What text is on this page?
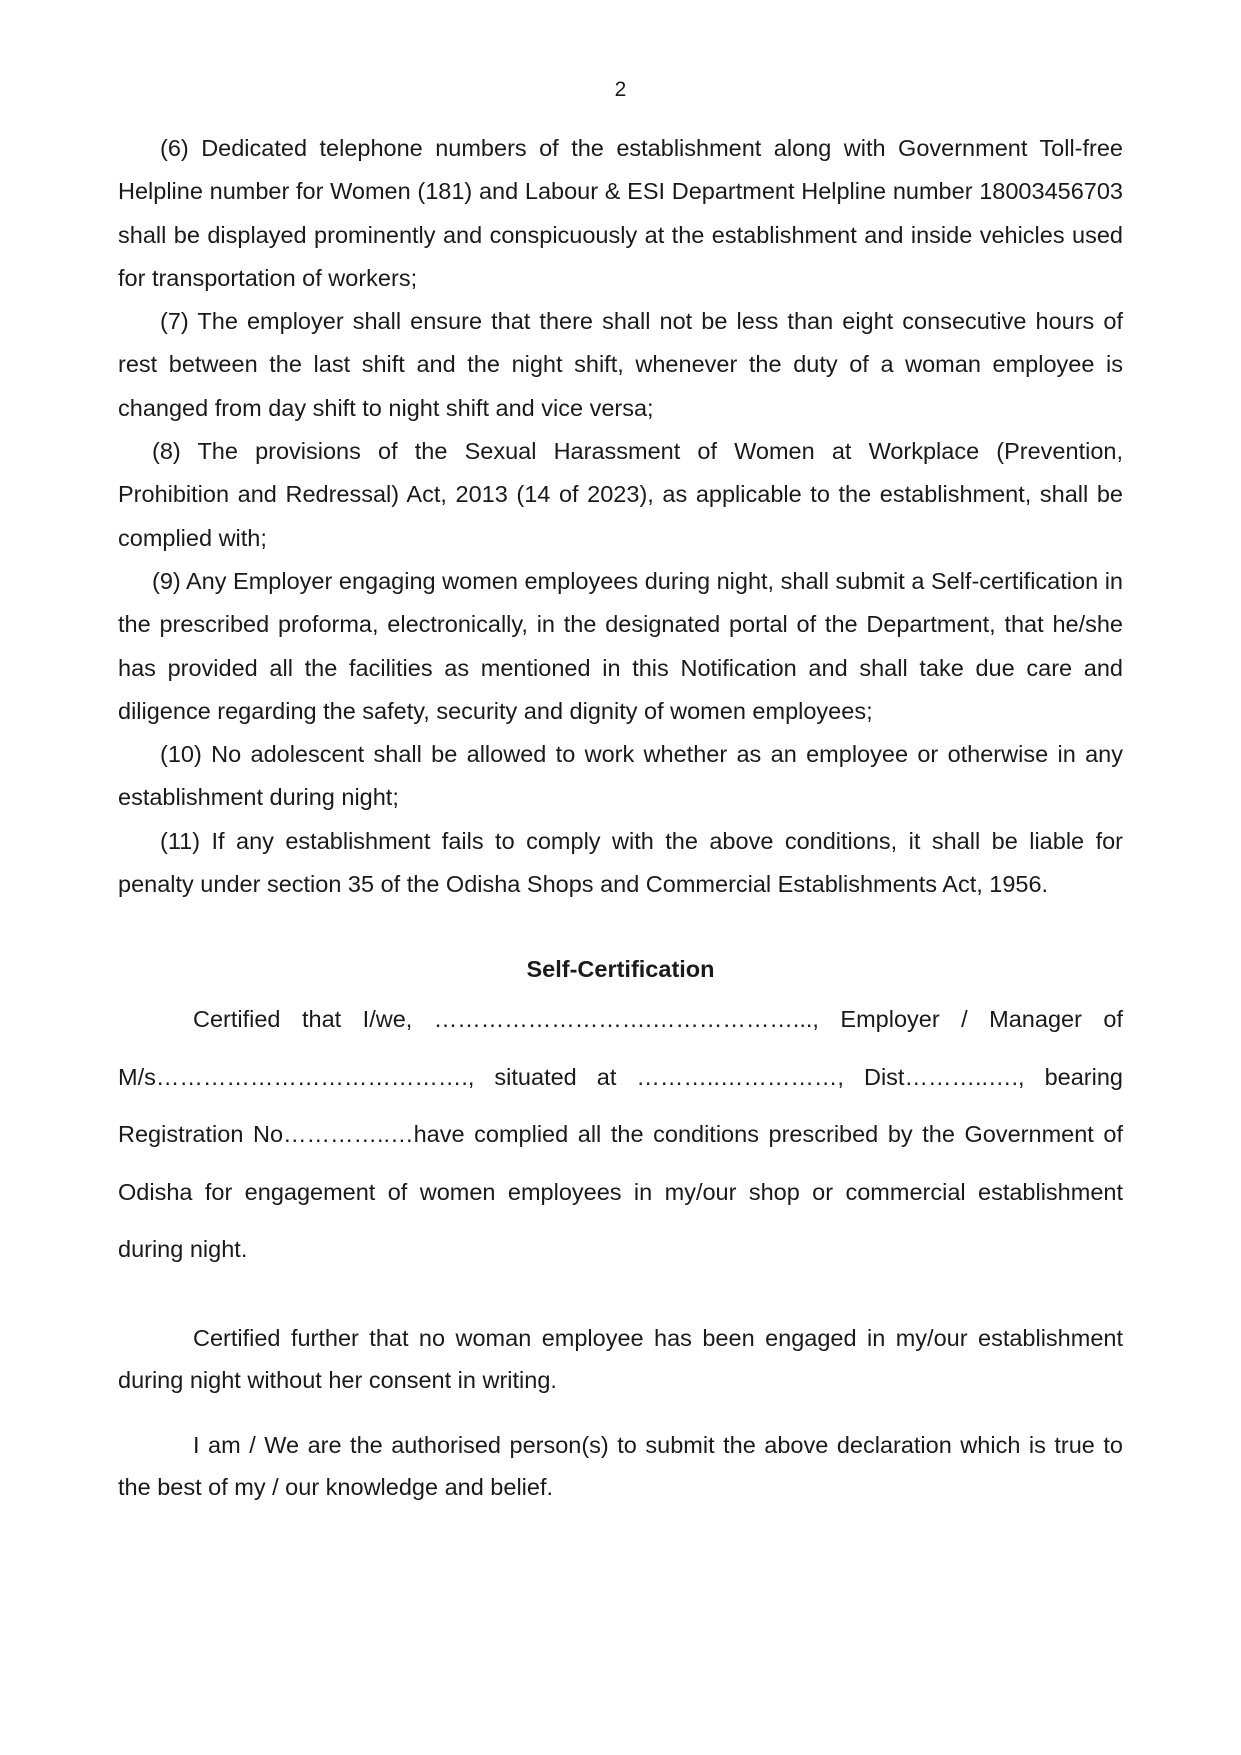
2

(6) Dedicated telephone numbers of the establishment along with Government Toll-free Helpline number for Women (181) and Labour & ESI Department Helpline number 18003456703 shall be displayed prominently and conspicuously at the establishment and inside vehicles used for transportation of workers;

(7) The employer shall ensure that there shall not be less than eight consecutive hours of rest between the last shift and the night shift, whenever the duty of a woman employee is changed from day shift to night shift and vice versa;

(8) The provisions of the Sexual Harassment of Women at Workplace (Prevention, Prohibition and Redressal) Act, 2013 (14 of 2023), as applicable to the establishment, shall be complied with;

(9) Any Employer engaging women employees during night, shall submit a Self-certification in the prescribed proforma, electronically, in the designated portal of the Department, that he/she has provided all the facilities as mentioned in this Notification and shall take due care and diligence regarding the safety, security and dignity of women employees;

(10) No adolescent shall be allowed to work whether as an employee or otherwise in any establishment during night;

(11) If any establishment fails to comply with the above conditions, it shall be liable for penalty under section 35 of the Odisha Shops and Commercial Establishments Act, 1956.

Self-Certification

Certified that I/we, ……………………….………………..., Employer / Manager of M/s…………………………………., situated at ………..……………, Dist………..…., bearing Registration No…………..…have complied all the conditions prescribed by the Government of Odisha for engagement of women employees in my/our shop or commercial establishment during night.

Certified further that no woman employee has been engaged in my/our establishment during night without her consent in writing.

I am / We are the authorised person(s) to submit the above declaration which is true to the best of my / our knowledge and belief.
